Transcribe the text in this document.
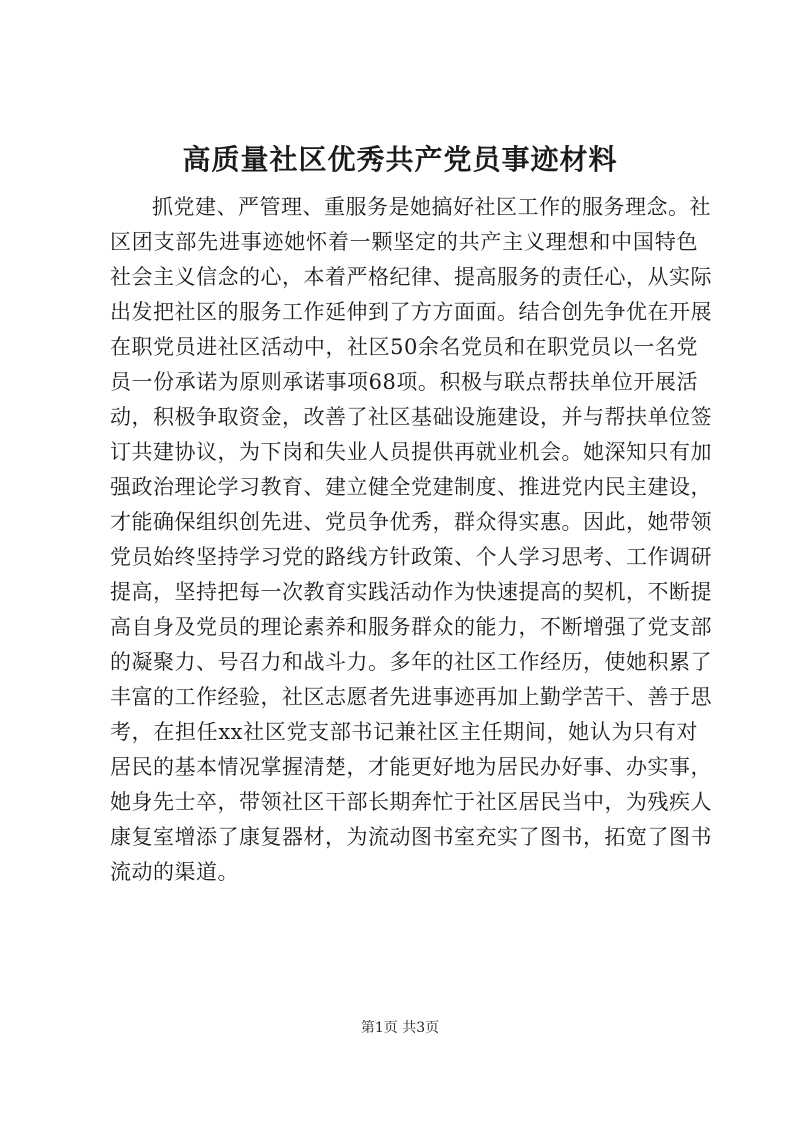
高质量社区优秀共产党员事迹材料
抓党建、严管理、重服务是她搞好社区工作的服务理念。社
区团支部先进事迹她怀着一颗坚定的共产主义理想和中国特色
社会主义信念的心，本着严格纪律、提高服务的责任心，从实际
出发把社区的服务工作延伸到了方方面面。结合创先争优在开展
在职党员进社区活动中，社区50余名党员和在职党员以一名党
员一份承诺为原则承诺事项68项。积极与联点帮扶单位开展活
动，积极争取资金，改善了社区基础设施建设，并与帮扶单位签
订共建协议，为下岗和失业人员提供再就业机会。她深知只有加
强政治理论学习教育、建立健全党建制度、推进党内民主建设，
才能确保组织创先进、党员争优秀，群众得实惠。因此，她带领
党员始终坚持学习党的路线方针政策、个人学习思考、工作调研
提高，坚持把每一次教育实践活动作为快速提高的契机，不断提
高自身及党员的理论素养和服务群众的能力，不断增强了党支部
的凝聚力、号召力和战斗力。多年的社区工作经历，使她积累了
丰富的工作经验，社区志愿者先进事迹再加上勤学苦干、善于思
考，在担任xx社区党支部书记兼社区主任期间，她认为只有对
居民的基本情况掌握清楚，才能更好地为居民办好事、办实事，
她身先士卒，带领社区干部长期奔忙于社区居民当中，为残疾人
康复室增添了康复器材，为流动图书室充实了图书，拓宽了图书
流动的渠道。
第1页 共3页
